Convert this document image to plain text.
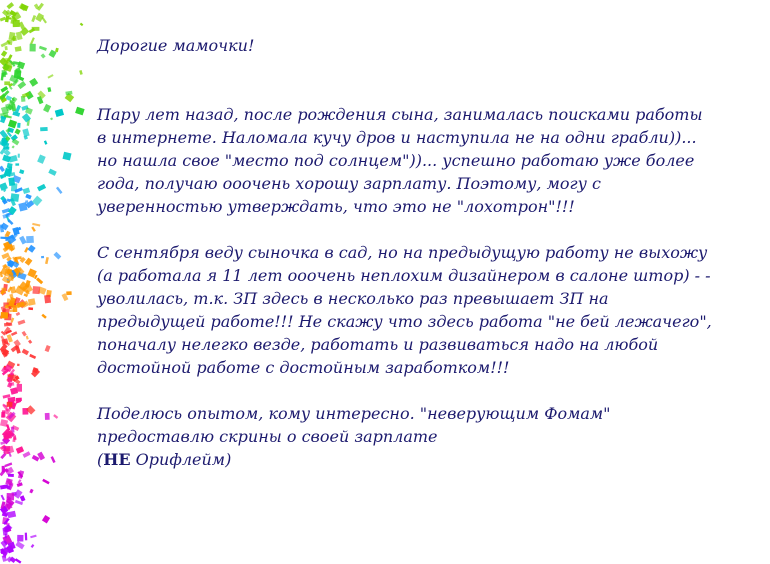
Дорогие мамочки!

Пару лет назад, после рождения сына, занималась поисками работы
в интернете. Наломала кучу дров и наступила не на одни грабли))...
но нашла свое "место под солнцем"))... успешно работаю уже более
года, получаю ooочень хорошу зарплату. Поэтому, могу с
уверенностью утверждать, что это не "лохотрон"!!!

С сентября веду сыночка в сад, но на предыдущую работу не выхожу
(а работала я 11 лет ооочень неплохим дизайнером в салоне штор) - -
уволилась, т.к. ЗП здесь в несколько раз превышает ЗП на
предыдущей работе!!! Не скажу что здесь работа "не бей лежачего",
поначалу нелегко везде, работать и развиваться надо на любой
достойной работе с достойным заработком!!!

Поделюсь опытом, кому интересно. "неверующим Фомам"
предоставлю скрины о своей зарплате
(НЕ Орифлейм)
